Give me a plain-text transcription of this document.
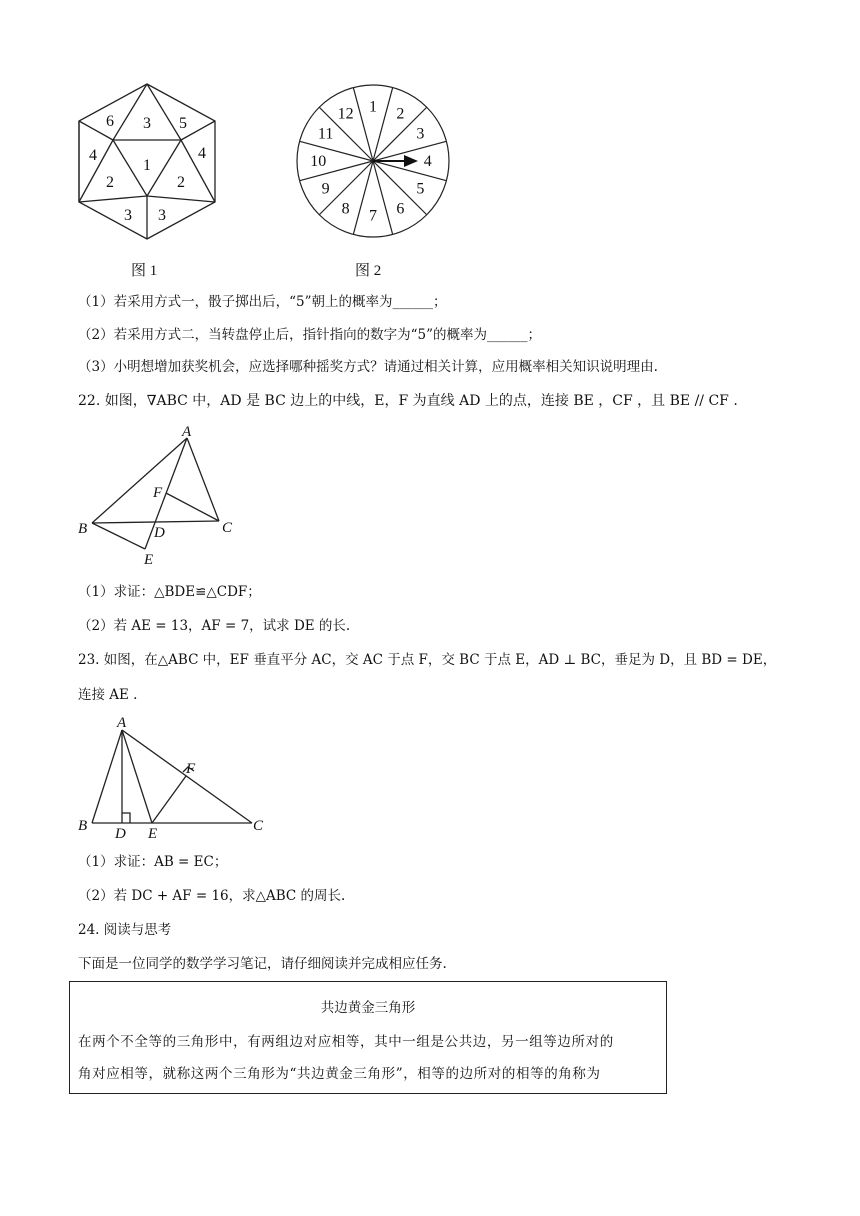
6 3 5
4
1
4
2	2
3 3
图 1
1 2
3
4
5
6
7
8
9
10
11
12
图 2
（1）若采用方式一，骰子掷出后，“5”朝上的概率为______；
（2）若采用方式二，当转盘停止后，指针指向的数字为“5”的概率为______；
（3）小明想增加获奖机会，应选择哪种摇奖方式？请通过相关计算，应用概率相关知识说明理由.
22. 如图，∇ABC 中，AD 是 BC 边上的中线，E，F 为直线 AD 上的点，连接 BE ，CF ，且 BE // CF .
A
F
B	D	C
E
（1）求证：△BDE≌△CDF；
（2）若 AE = 13，AF = 7，试求 DE 的长.
23. 如图，在△ABC 中，EF 垂直平分 AC，交 AC 于点 F，交 BC 于点 E，AD ⊥ BC，垂足为 D，且 BD = DE，
连接 AE .
A
F
B D E	C
（1）求证：AB = EC；
（2）若 DC + AF = 16，求△ABC 的周长.
24. 阅读与思考
下面是一位同学的数学学习笔记，请仔细阅读并完成相应任务.
共边黄金三角形
在两个不全等的三角形中，有两组边对应相等，其中一组是公共边，另一组等边所对的
角对应相等，就称这两个三角形为“共边黄金三角形”，相等的边所对的相等的角称为
